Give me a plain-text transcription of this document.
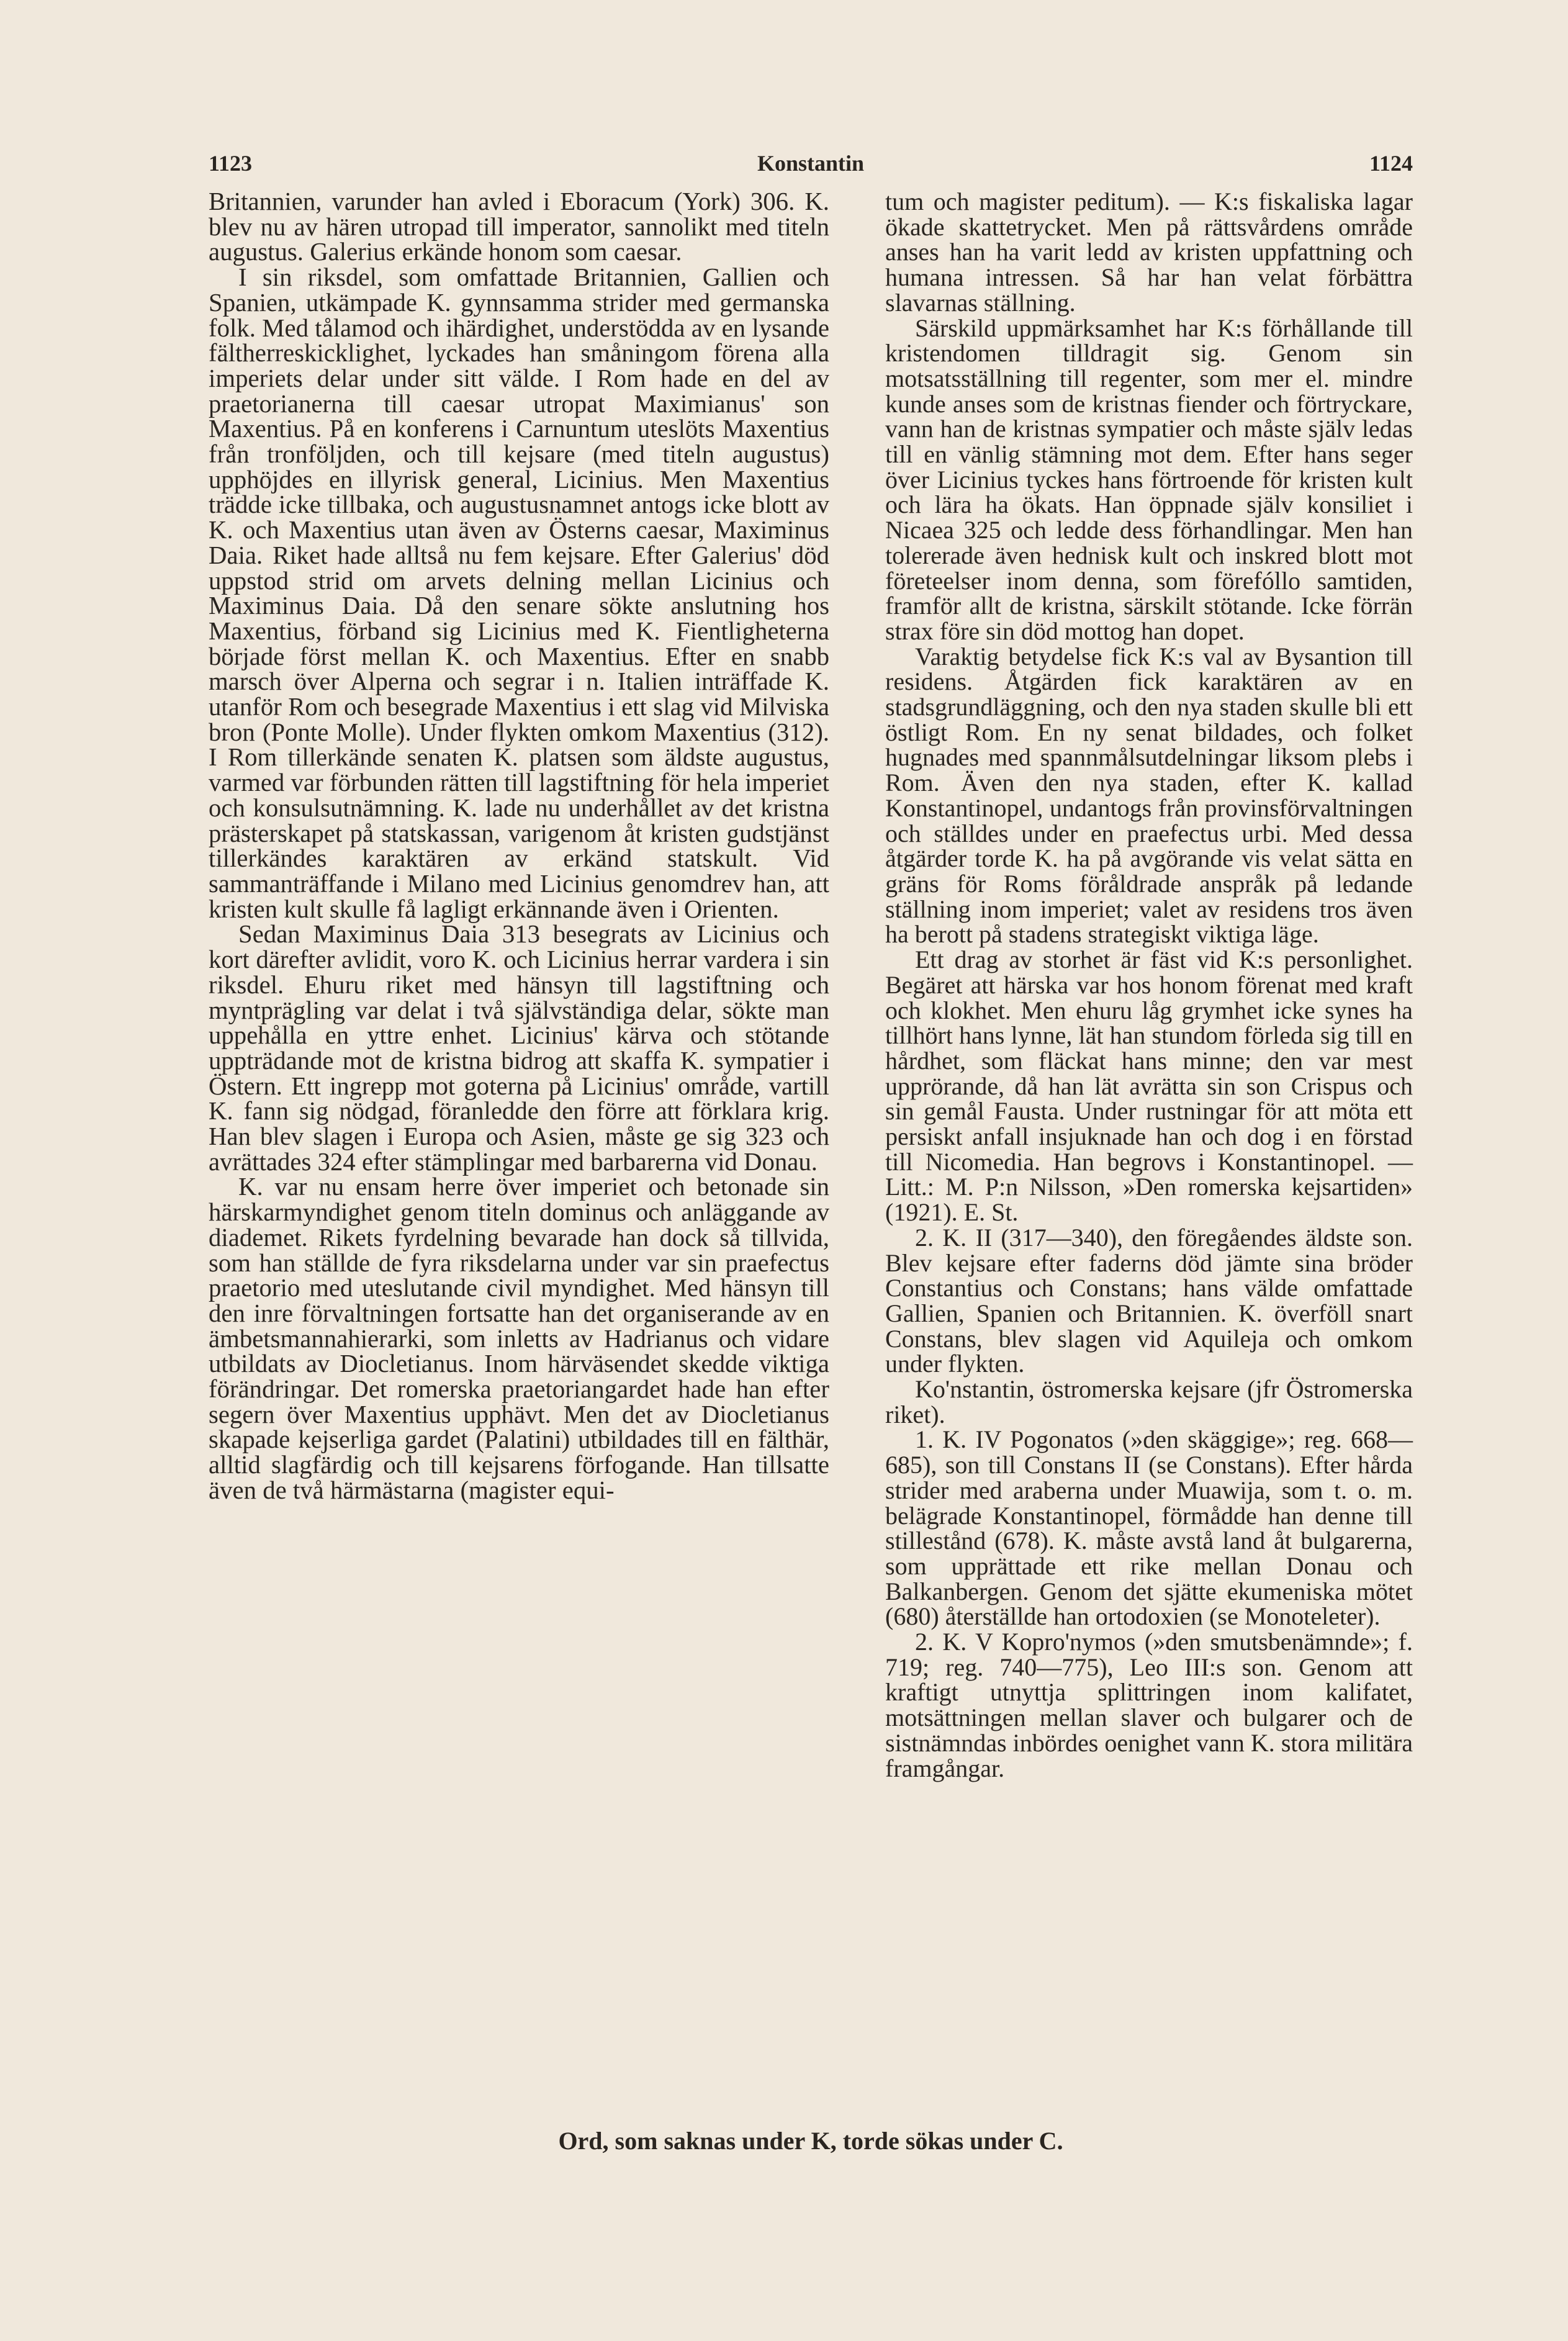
1123	Konstantin	1124

Britannien, varunder han avled i Eboracum (York) 306. K. blev nu av hären utropad till imperator, sannolikt med titeln augustus. Galerius erkände honom som caesar.

I sin riksdel, som omfattade Britannien, Gallien och Spanien, utkämpade K. gynnsamma strider med germanska folk. Med tålamod och ihärdighet, understödda av en lysande fältherreskicklighet, lyckades han småningom förena alla imperiets delar under sitt välde. I Rom hade en del av praetorianerna till caesar utropat Maximianus' son Maxentius. På en konferens i Carnuntum uteslöts Maxentius från tronföljden, och till kejsare (med titeln augustus) upphöjdes en illyrisk general, Licinius. Men Maxentius trädde icke tillbaka, och augustusnamnet antogs icke blott av K. och Maxentius utan även av Österns caesar, Maximinus Daia. Riket hade alltså nu fem kejsare. Efter Galerius' död uppstod strid om arvets delning mellan Licinius och Maximinus Daia. Då den senare sökte anslutning hos Maxentius, förband sig Licinius med K. Fientligheterna började först mellan K. och Maxentius. Efter en snabb marsch över Alperna och segrar i n. Italien inträffade K. utanför Rom och besegrade Maxentius i ett slag vid Milviska bron (Ponte Molle). Under flykten omkom Maxentius (312). I Rom tillerkände senaten K. platsen som äldste augustus, varmed var förbunden rätten till lagstiftning för hela imperiet och konsulsutnämning. K. lade nu underhållet av det kristna prästerskapet på statskassan, varigenom åt kristen gudstjänst tillerkändes karaktären av erkänd statskult. Vid sammanträffande i Milano med Licinius genomdrev han, att kristen kult skulle få lagligt erkännande även i Orienten.

Sedan Maximinus Daia 313 besegrats av Licinius och kort därefter avlidit, voro K. och Licinius herrar vardera i sin riksdel. Ehuru riket med hänsyn till lagstiftning och myntprägling var delat i två självständiga delar, sökte man uppehålla en yttre enhet. Licinius' kärva och stötande uppträdande mot de kristna bidrog att skaffa K. sympatier i Östern. Ett ingrepp mot goterna på Licinius' område, vartill K. fann sig nödgad, föranledde den förre att förklara krig. Han blev slagen i Europa och Asien, måste ge sig 323 och avrättades 324 efter stämplingar med barbarerna vid Donau.

K. var nu ensam herre över imperiet och betonade sin härskarmyndighet genom titeln dominus och anläggande av diademet. Rikets fyrdelning bevarade han dock så tillvida, som han ställde de fyra riksdelarna under var sin praefectus praetorio med uteslutande civil myndighet. Med hänsyn till den inre förvaltningen fortsatte han det organiserande av en ämbetsmannahierarki, som inletts av Hadrianus och vidare utbildats av Diocletianus. Inom härväsendet skedde viktiga förändringar. Det romerska praetoriangardet hade han efter segern över Maxentius upphävt. Men det av Diocletianus skapade kejserliga gardet (Palatini) utbildades till en fälthär, alltid slagfärdig och till kejsarens förfogande. Han tillsatte även de två härmästarna (magister equi-

tum och magister peditum). — K:s fiskaliska lagar ökade skattetrycket. Men på rättsvårdens område anses han ha varit ledd av kristen uppfattning och humana intressen. Så har han velat förbättra slavarnas ställning.

Särskild uppmärksamhet har K:s förhållande till kristendomen tilldragit sig. Genom sin motsatsställning till regenter, som mer el. mindre kunde anses som de kristnas fiender och förtryckare, vann han de kristnas sympatier och måste själv ledas till en vänlig stämning mot dem. Efter hans seger över Licinius tyckes hans förtroende för kristen kult och lära ha ökats. Han öppnade själv konsiliet i Nicaea 325 och ledde dess förhandlingar. Men han tolererade även hednisk kult och inskred blott mot företeelser inom denna, som förefóllo samtiden, framför allt de kristna, särskilt stötande. Icke förrän strax före sin död mottog han dopet.

Varaktig betydelse fick K:s val av Bysantion till residens. Åtgärden fick karaktären av en stadsgrundläggning, och den nya staden skulle bli ett östligt Rom. En ny senat bildades, och folket hugnades med spannmålsutdelningar liksom plebs i Rom. Även den nya staden, efter K. kallad Konstantinopel, undantogs från provinsförvaltningen och ställdes under en praefectus urbi. Med dessa åtgärder torde K. ha på avgörande vis velat sätta en gräns för Roms föråldrade anspråk på ledande ställning inom imperiet; valet av residens tros även ha berott på stadens strategiskt viktiga läge.

Ett drag av storhet är fäst vid K:s personlighet. Begäret att härska var hos honom förenat med kraft och klokhet. Men ehuru låg grymhet icke synes ha tillhört hans lynne, lät han stundom förleda sig till en hårdhet, som fläckat hans minne; den var mest upprörande, då han lät avrätta sin son Crispus och sin gemål Fausta. Under rustningar för att möta ett persiskt anfall insjuknade han och dog i en förstad till Nicomedia. Han begrovs i Konstantinopel. — Litt.: M. P:n Nilsson, »Den romerska kejsartiden» (1921). E. St.

2. K. II (317—340), den föregåendes äldste son. Blev kejsare efter faderns död jämte sina bröder Constantius och Constans; hans välde omfattade Gallien, Spanien och Britannien. K. överföll snart Constans, blev slagen vid Aquileja och omkom under flykten.

Ko'nstantin, östromerska kejsare (jfr Östromerska riket).

1. K. IV Pogonatos (»den skäggige»; reg. 668—685), son till Constans II (se Constans). Efter hårda strider med araberna under Muawija, som t. o. m. belägrade Konstantinopel, förmådde han denne till stillestånd (678). K. måste avstå land åt bulgarerna, som upprättade ett rike mellan Donau och Balkanbergen. Genom det sjätte ekumeniska mötet (680) återställde han ortodoxien (se Monoteleter).

2. K. V Kopro'nymos (»den smutsbenämnde»; f. 719; reg. 740—775), Leo III:s son. Genom att kraftigt utnyttja splittringen inom kalifatet, motsättningen mellan slaver och bulgarer och de sistnämndas inbördes oenighet vann K. stora militära framgångar.

Ord, som saknas under K, torde sökas under C.
